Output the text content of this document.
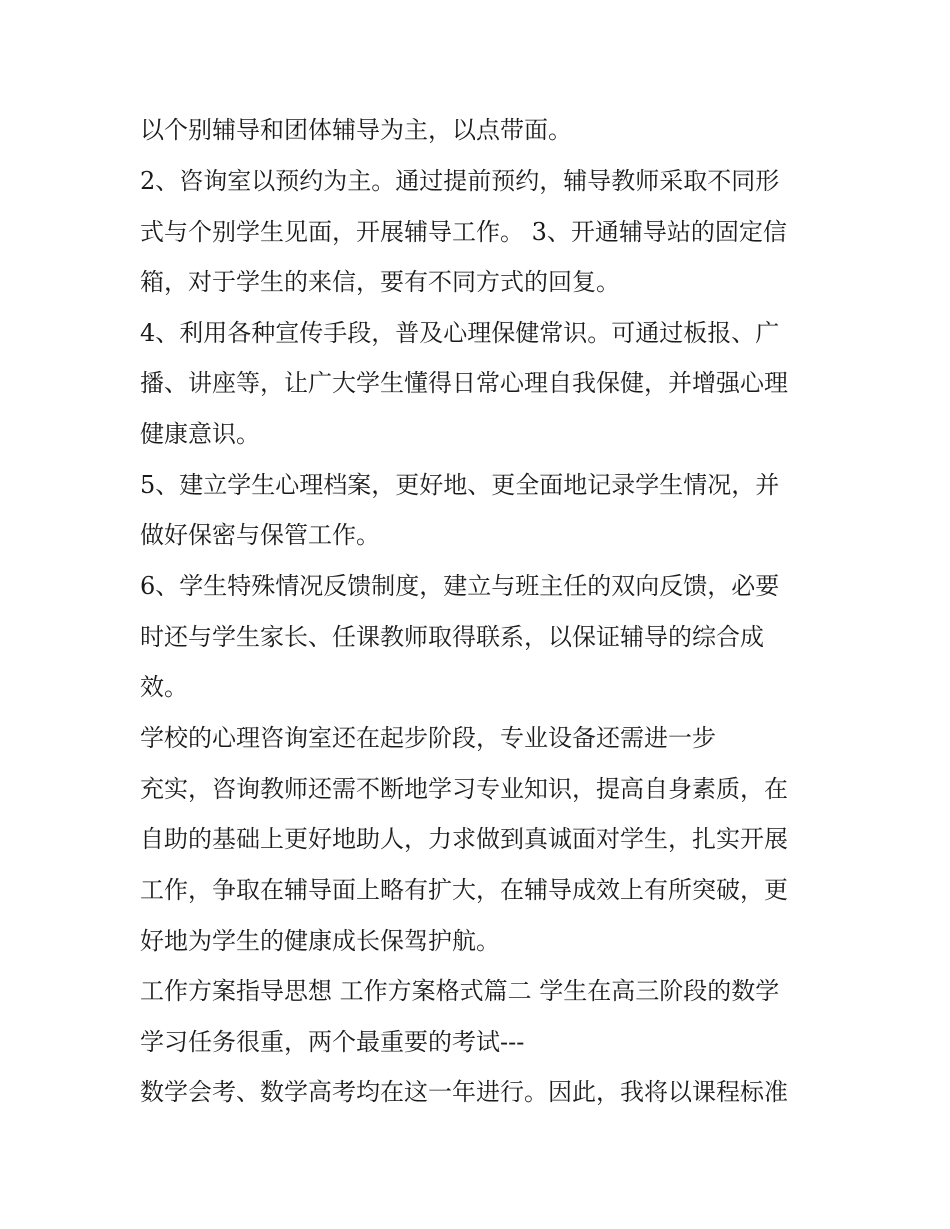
以个别辅导和团体辅导为主，以点带面。
2、咨询室以预约为主。通过提前预约，辅导教师采取不同形
式与个别学生见面，开展辅导工作。 3、开通辅导站的固定信
箱，对于学生的来信，要有不同方式的回复。
4、利用各种宣传手段，普及心理保健常识。可通过板报、广
播、讲座等，让广大学生懂得日常心理自我保健，并增强心理
健康意识。
5、建立学生心理档案，更好地、更全面地记录学生情况，并
做好保密与保管工作。
6、学生特殊情况反馈制度，建立与班主任的双向反馈，必要
时还与学生家长、任课教师取得联系，以保证辅导的综合成
效。
学校的心理咨询室还在起步阶段，专业设备还需进一步
充实，咨询教师还需不断地学习专业知识，提高自身素质，在
自助的基础上更好地助人，力求做到真诚面对学生，扎实开展
工作，争取在辅导面上略有扩大，在辅导成效上有所突破，更
好地为学生的健康成长保驾护航。
工作方案指导思想 工作方案格式篇二 学生在高三阶段的数学
学习任务很重，两个最重要的考试---
数学会考、数学高考均在这一年进行。因此，我将以课程标准
